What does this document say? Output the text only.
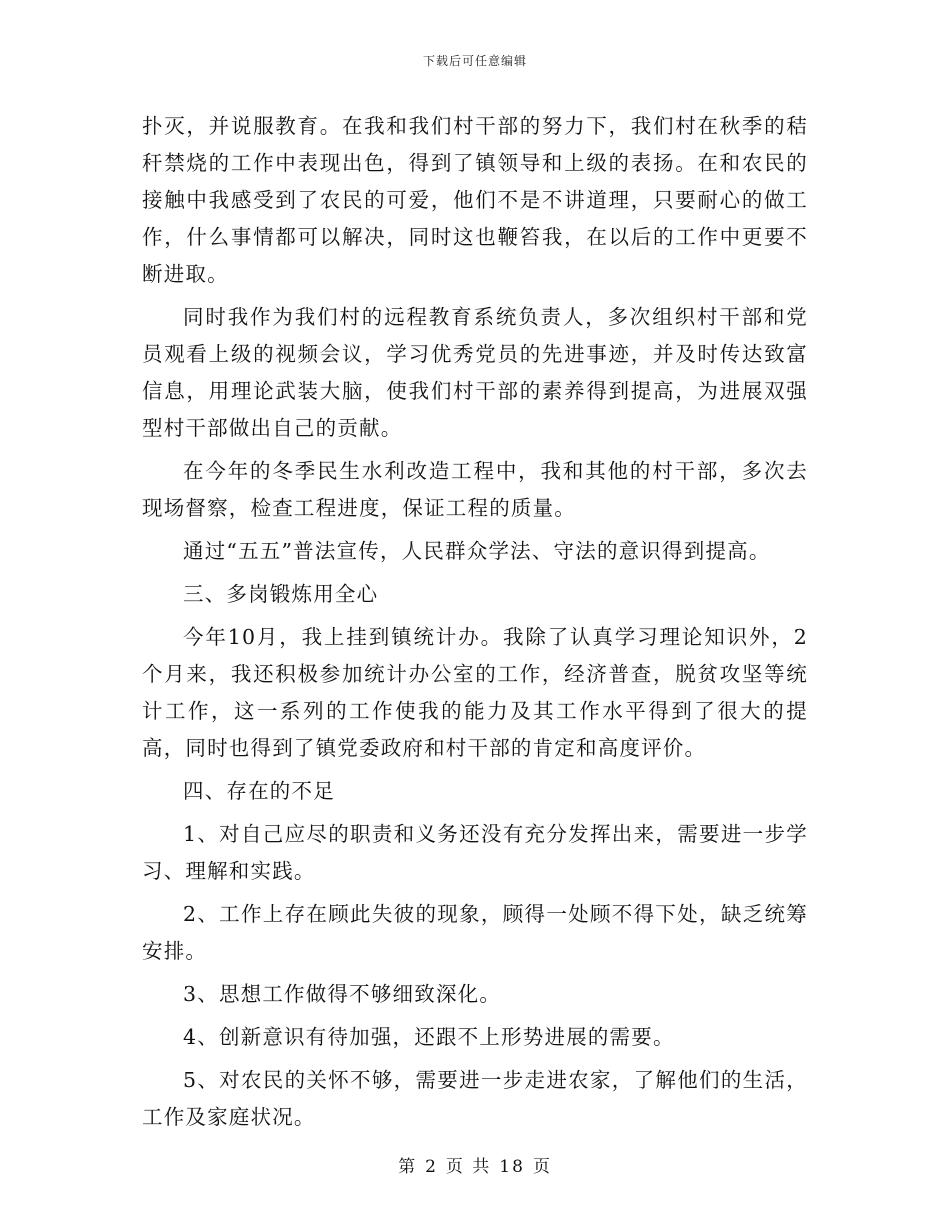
下载后可任意编辑

扑灭，并说服教育。在我和我们村干部的努力下，我们村在秋季的秸秆禁烧的工作中表现出色，得到了镇领导和上级的表扬。在和农民的接触中我感受到了农民的可爱，他们不是不讲道理，只要耐心的做工作，什么事情都可以解决，同时这也鞭笞我，在以后的工作中更要不断进取。

同时我作为我们村的远程教育系统负责人，多次组织村干部和党员观看上级的视频会议，学习优秀党员的先进事迹，并及时传达致富信息，用理论武装大脑，使我们村干部的素养得到提高，为进展双强型村干部做出自己的贡献。

在今年的冬季民生水利改造工程中，我和其他的村干部，多次去现场督察，检查工程进度，保证工程的质量。

通过“五五”普法宣传，人民群众学法、守法的意识得到提高。

三、多岗锻炼用全心

今年10月，我上挂到镇统计办。我除了认真学习理论知识外，2个月来，我还积极参加统计办公室的工作，经济普查，脱贫攻坚等统计工作，这一系列的工作使我的能力及其工作水平得到了很大的提高，同时也得到了镇党委政府和村干部的肯定和高度评价。

四、存在的不足

1、对自己应尽的职责和义务还没有充分发挥出来，需要进一步学习、理解和实践。

2、工作上存在顾此失彼的现象，顾得一处顾不得下处，缺乏统筹安排。

3、思想工作做得不够细致深化。

4、创新意识有待加强，还跟不上形势进展的需要。

5、对农民的关怀不够，需要进一步走进农家，了解他们的生活，工作及家庭状况。

第 2 页 共 18 页
